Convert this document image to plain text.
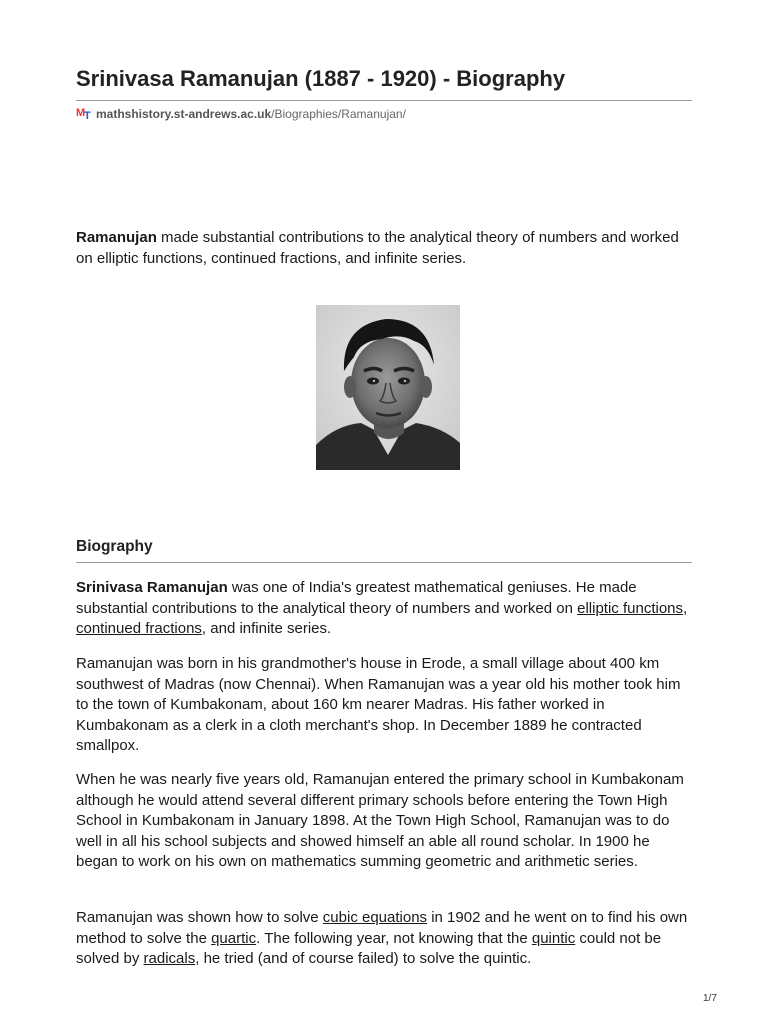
Srinivasa Ramanujan (1887 - 1920) - Biography
M
T mathshistory.st-andrews.ac.uk /Biographies/Ramanujan/

Ramanujan made substantial contributions to the analytical theory of numbers and worked on elliptic functions, continued fractions, and infinite series.

Biography

Srinivasa Ramanujan was one of India's greatest mathematical geniuses. He made substantial contributions to the analytical theory of numbers and worked on elliptic functions, continued fractions, and infinite series.

Ramanujan was born in his grandmother's house in Erode, a small village about 400 km southwest of Madras (now Chennai). When Ramanujan was a year old his mother took him to the town of Kumbakonam, about 160 km nearer Madras. His father worked in Kumbakonam as a clerk in a cloth merchant's shop. In December 1889 he contracted smallpox.

When he was nearly five years old, Ramanujan entered the primary school in Kumbakonam although he would attend several different primary schools before entering the Town High School in Kumbakonam in January 1898. At the Town High School, Ramanujan was to do well in all his school subjects and showed himself an able all round scholar. In 1900 he began to work on his own on mathematics summing geometric and arithmetic series.

Ramanujan was shown how to solve cubic equations in 1902 and he went on to find his own method to solve the quartic. The following year, not knowing that the quintic could not be solved by radicals, he tried (and of course failed) to solve the quintic.

1/7
